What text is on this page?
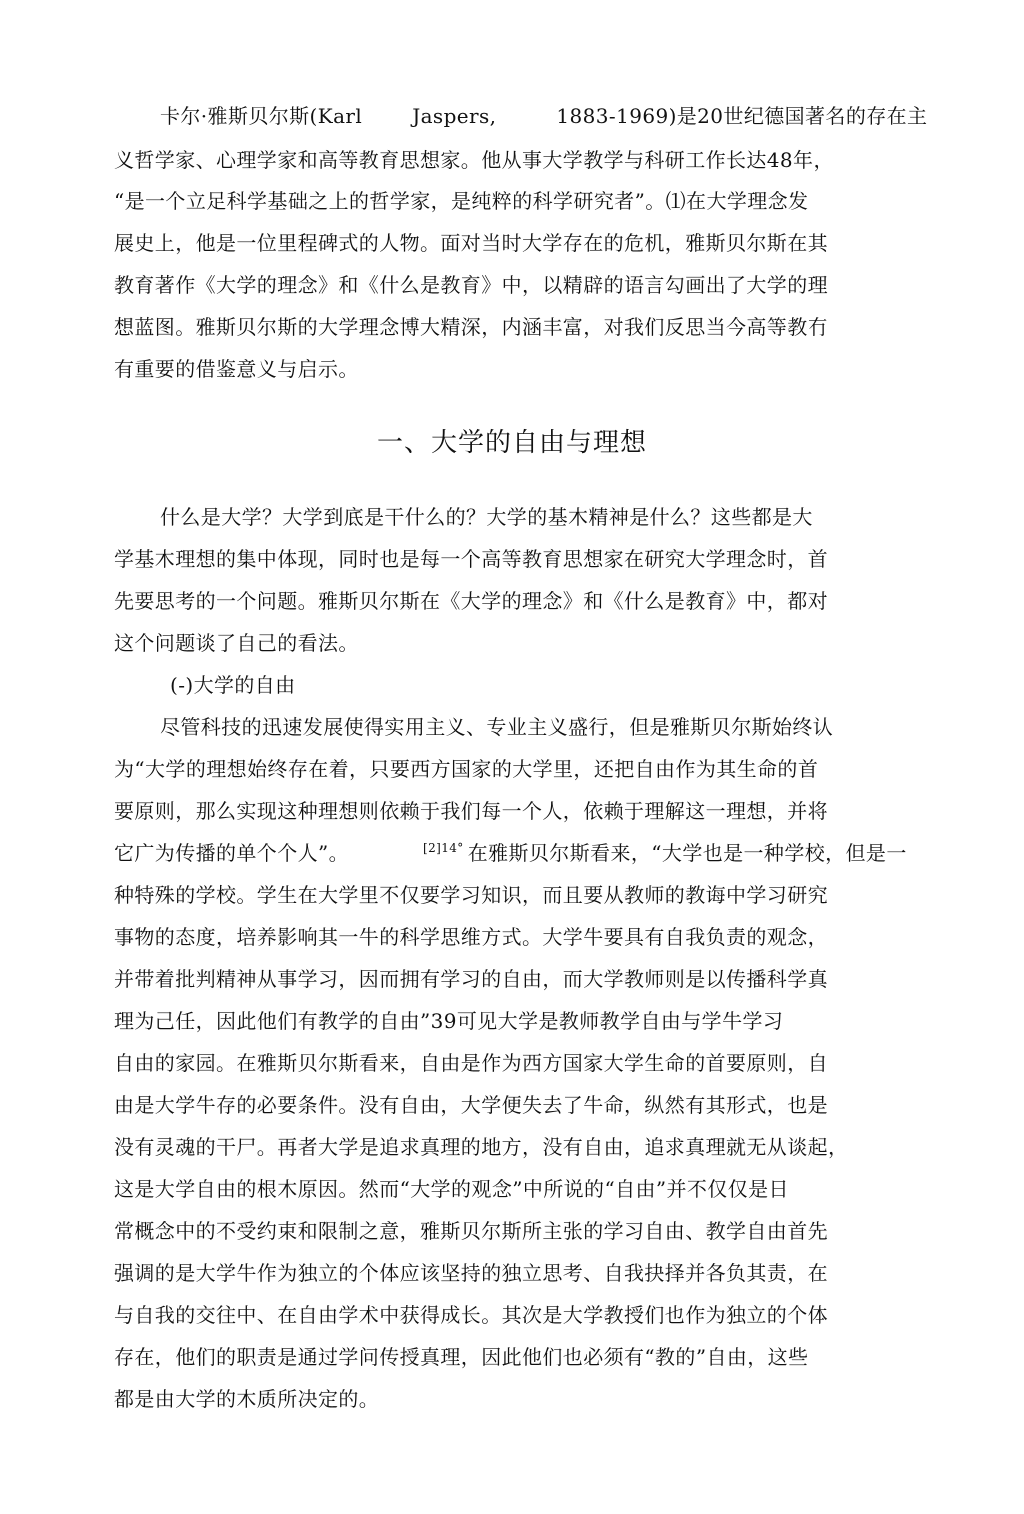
卡尔·雅斯贝尔斯(Karl	Jaspers,	1883-1969)是20世纪德国著名的存在主
义哲学家、心理学家和高等教育思想家。他从事大学教学与科研工作长达48年，
“是一个立足科学基础之上的哲学家，是纯粹的科学研究者”。⑴在大学理念发
展史上，他是一位里程碑式的人物。面对当时大学存在的危机，雅斯贝尔斯在其
教育著作《大学的理念》和《什么是教育》中，以精辟的语言勾画出了大学的理
想蓝图。雅斯贝尔斯的大学理念博大精深，内涵丰富，对我们反思当今高等教冇
有重要的借鉴意义与启示。
一、大学的自由与理想
什么是大学？大学到底是干什么的？大学的基木精神是什么？这些都是大
学基木理想的集中体现，同时也是每一个高等教育思想家在研究大学理念时，首
先要思考的一个问题。雅斯贝尔斯在《大学的理念》和《什么是教育》中，都对
这个问题谈了自己的看法。
(-)大学的自由
尽管科技的迅速发展使得实用主义、专业主义盛行，但是雅斯贝尔斯始终认
为“大学的理想始终存在着，只要西方国家的大学里，还把自由作为其生命的首
要原则，那么实现这种理想则依赖于我们每一个人，依赖于理解这一理想，并将
它广为传播的单个个人”。	$^{[2]14^\circ}$ 在雅斯贝尔斯看来，“大学也是一种学校，但是一
种特殊的学校。学生在大学里不仅要学习知识，而且要从教师的教诲中学习研究
事物的态度，培养影响其一牛的科学思维方式。大学牛要具有自我负责的观念，
并带着批判精神从事学习，因而拥有学习的自由，而大学教师则是以传播科学真
理为己任，因此他们有教学的自由”39可见大学是教师教学自由与学牛学习
自由的家园。在雅斯贝尔斯看来，自由是作为西方国家大学生命的首要原则，自
由是大学牛存的必要条件。没有自由，大学便失去了牛命，纵然有其形式，也是
没有灵魂的干尸。再者大学是追求真理的地方，没有自由，追求真理就无从谈起，
这是大学自由的根木原因。然而“大学的观念”中所说的“自由”并不仅仅是日
常概念中的不受约束和限制之意，雅斯贝尔斯所主张的学习自由、教学自由首先
强调的是大学牛作为独立的个体应该坚持的独立思考、自我抉择并各负其责，在
与自我的交往中、在自由学术中获得成长。其次是大学教授们也作为独立的个体
存在，他们的职责是通过学问传授真理，因此他们也必须有“教的”自由，这些
都是由大学的木质所决定的。
